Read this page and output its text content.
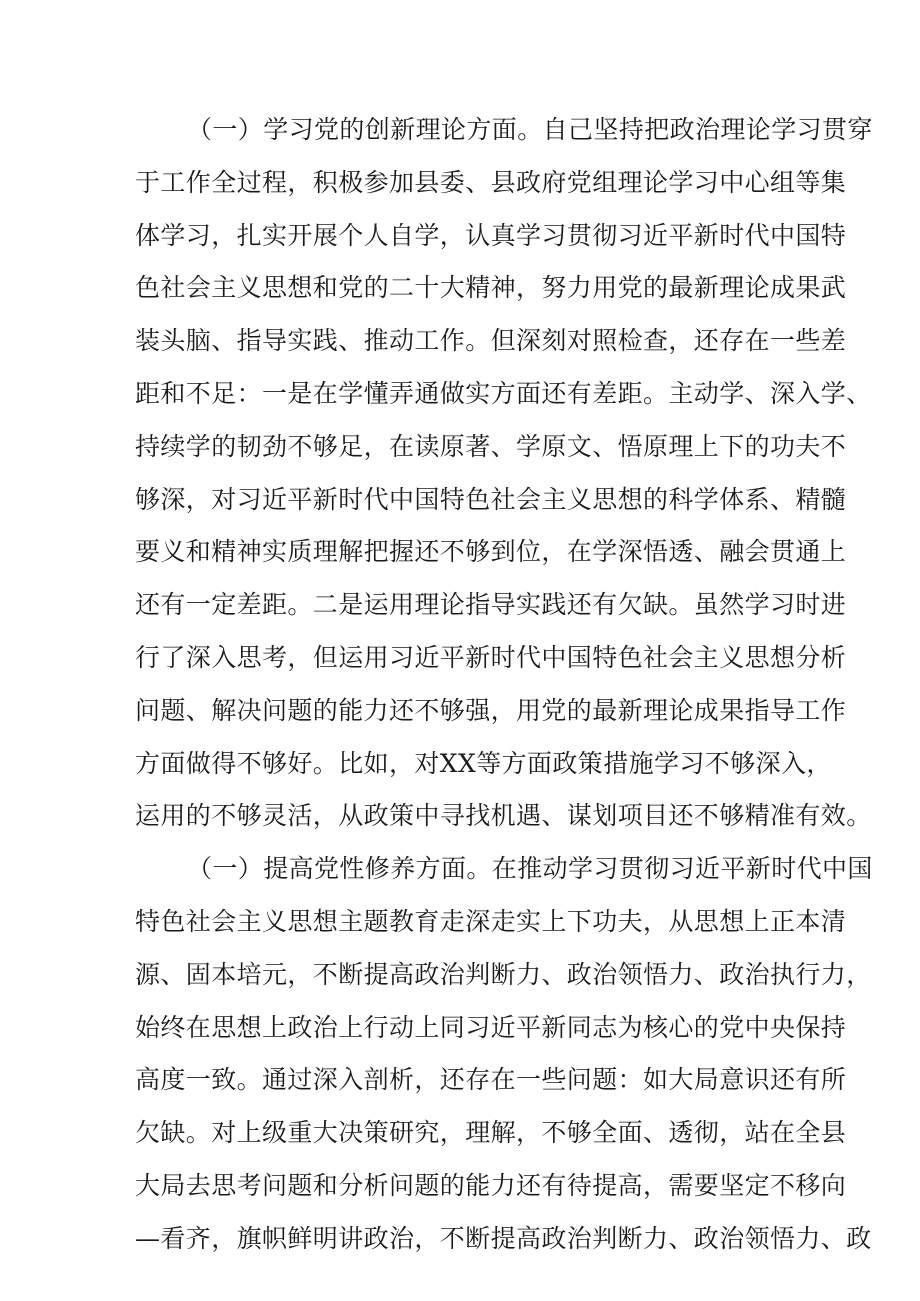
（一）学习党的创新理论方面。自己坚持把政治理论学习贯穿
于工作全过程，积极参加县委、县政府党组理论学习中心组等集
体学习，扎实开展个人自学，认真学习贯彻习近平新时代中国特
色社会主义思想和党的二十大精神，努力用党的最新理论成果武
装头脑、指导实践、推动工作。但深刻对照检查，还存在一些差
距和不足：一是在学懂弄通做实方面还有差距。主动学、深入学、
持续学的韧劲不够足，在读原著、学原文、悟原理上下的功夫不
够深，对习近平新时代中国特色社会主义思想的科学体系、精髓
要义和精神实质理解把握还不够到位，在学深悟透、融会贯通上
还有一定差距。二是运用理论指导实践还有欠缺。虽然学习时进
行了深入思考，但运用习近平新时代中国特色社会主义思想分析
问题、解决问题的能力还不够强，用党的最新理论成果指导工作
方面做得不够好。比如，对XX等方面政策措施学习不够深入，
运用的不够灵活，从政策中寻找机遇、谋划项目还不够精准有效。
（一）提高党性修养方面。在推动学习贯彻习近平新时代中国
特色社会主义思想主题教育走深走实上下功夫，从思想上正本清
源、固本培元，不断提高政治判断力、政治领悟力、政治执行力，
始终在思想上政治上行动上同习近平新同志为核心的党中央保持
高度一致。通过深入剖析，还存在一些问题：如大局意识还有所
欠缺。对上级重大决策研究，理解，不够全面、透彻，站在全县
大局去思考问题和分析问题的能力还有待提高，需要坚定不移向
—看齐，旗帜鲜明讲政治，不断提高政治判断力、政治领悟力、政
